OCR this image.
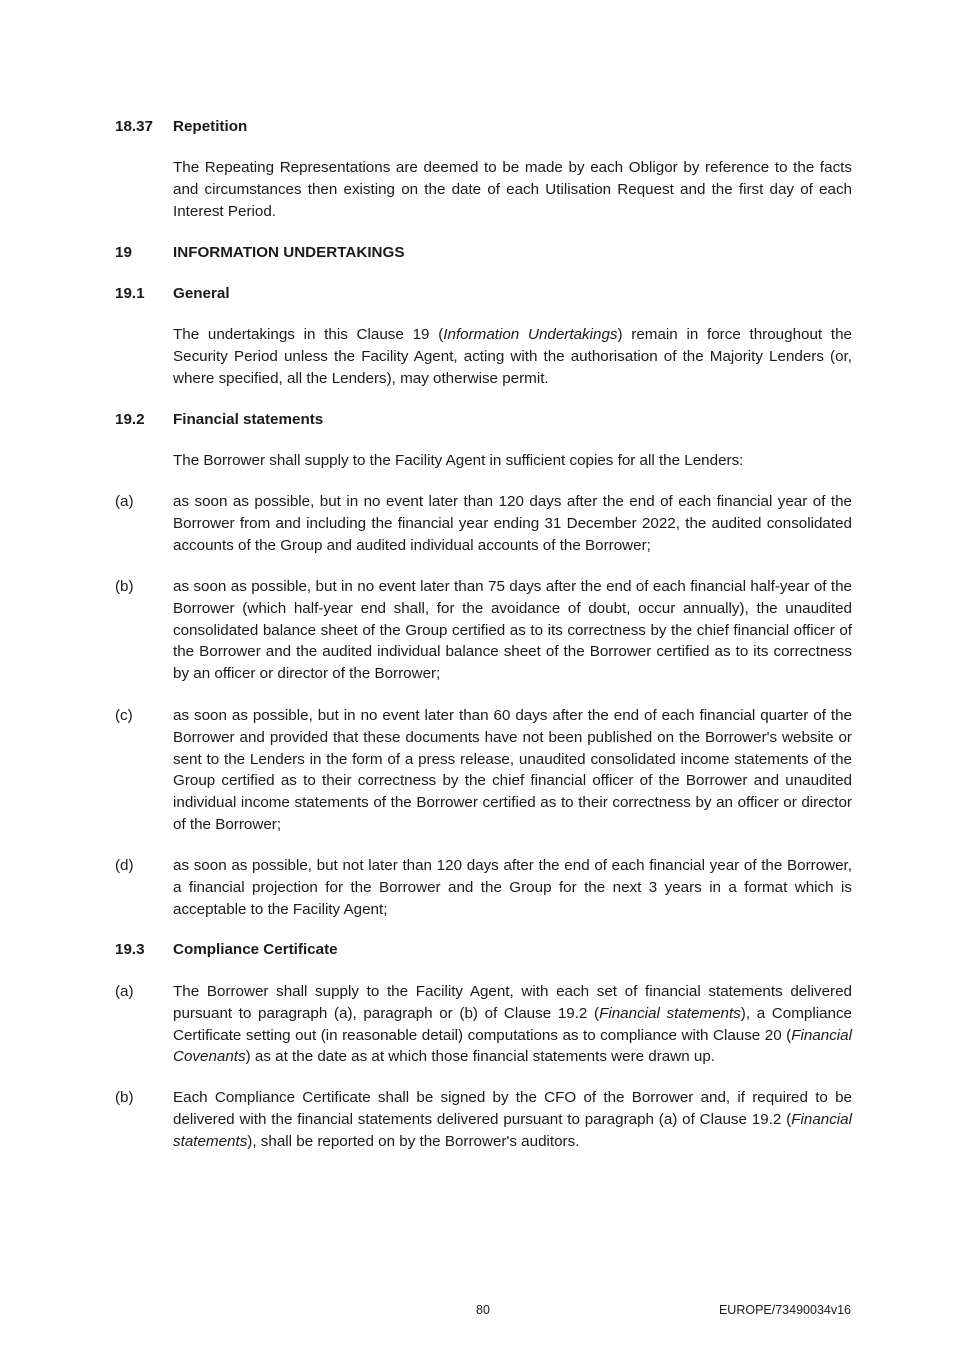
18.37 Repetition
The Repeating Representations are deemed to be made by each Obligor by reference to the facts and circumstances then existing on the date of each Utilisation Request and the first day of each Interest Period.
19	INFORMATION UNDERTAKINGS
19.1 General
The undertakings in this Clause 19 (Information Undertakings) remain in force throughout the Security Period unless the Facility Agent, acting with the authorisation of the Majority Lenders (or, where specified, all the Lenders), may otherwise permit.
19.2 Financial statements
The Borrower shall supply to the Facility Agent in sufficient copies for all the Lenders:
(a)	as soon as possible, but in no event later than 120 days after the end of each financial year of the Borrower from and including the financial year ending 31 December 2022, the audited consolidated accounts of the Group and audited individual accounts of the Borrower;
(b)	as soon as possible, but in no event later than 75 days after the end of each financial half-year of the Borrower (which half-year end shall, for the avoidance of doubt, occur annually), the unaudited consolidated balance sheet of the Group certified as to its correctness by the chief financial officer of the Borrower and the audited individual balance sheet of the Borrower certified as to its correctness by an officer or director of the Borrower;
(c)	as soon as possible, but in no event later than 60 days after the end of each financial quarter of the Borrower and provided that these documents have not been published on the Borrower's website or sent to the Lenders in the form of a press release, unaudited consolidated income statements of the Group certified as to their correctness by the chief financial officer of the Borrower and unaudited individual income statements of the Borrower certified as to their correctness by an officer or director of the Borrower;
(d)	as soon as possible, but not later than 120 days after the end of each financial year of the Borrower, a financial projection for the Borrower and the Group for the next 3 years in a format which is acceptable to the Facility Agent;
19.3 Compliance Certificate
(a)	The Borrower shall supply to the Facility Agent, with each set of financial statements delivered pursuant to paragraph (a), paragraph or (b) of Clause 19.2 (Financial statements), a Compliance Certificate setting out (in reasonable detail) computations as to compliance with Clause 20 (Financial Covenants) as at the date as at which those financial statements were drawn up.
(b)	Each Compliance Certificate shall be signed by the CFO of the Borrower and, if required to be delivered with the financial statements delivered pursuant to paragraph (a) of Clause 19.2 (Financial statements), shall be reported on by the Borrower's auditors.
80	EUROPE/73490034v16
